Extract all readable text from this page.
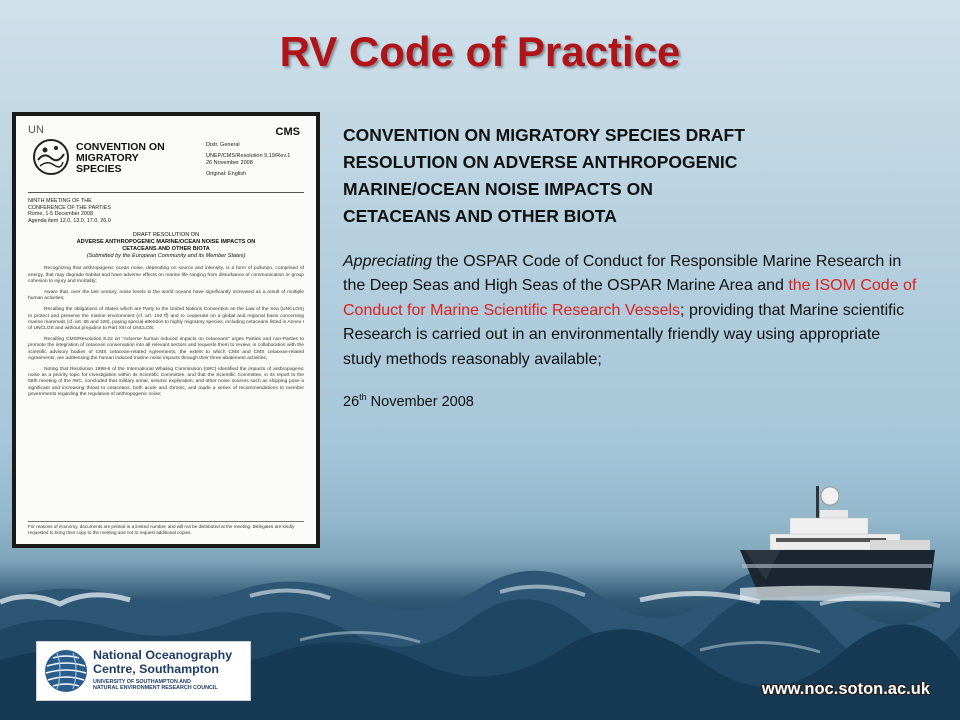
RV Code of Practice
UN
CONVENTION ON
MIGRATORY
SPECIES
CMS
Distr. General
UNEP/CMS/Resolution 9.19/Rev.1
26 November 2008
Original: English
NINTH MEETING OF THE
CONFERENCE OF THE PARTIES
Rome, 1-5 December 2008
Agenda item 12.0, 13.0, 17.0, 26.0
DRAFT RESOLUTION ON
ADVERSE ANTHROPOGENIC MARINE/OCEAN NOISE IMPACTS ON
CETACEANS AND OTHER BIOTA
(Submitted by the European Community and its Member States)

Recognizing that anthropogenic ocean noise, depending on source and intensity, is a form of pollution, comprised of energy, that may degrade habitat and have adverse effects on marine life ranging from disturbance of communication or group cohesion to injury and mortality;

Aware that, over the last century, noise levels in the world oceans have significantly increased as a result of multiple human activities;

Recalling the obligations of States which are Party to the United Nations Convention on the Law of the Sea (UNCLOS) to protect and preserve the marine environment (cf. art. 192 ff) and to cooperate on a global and regional basis concerning marine mammals (cf. art. 65 and 120), paying special attention to highly migratory species, including cetaceans listed in Annex I of UNCLOS and without prejudice to Part XIII of UNCLOS;

Recalling CMS/Resolution 8.22 on "Adverse human induced impacts on cetaceans" urges Parties and non-Parties to promote the integration of cetacean conservation into all relevant sectors and requests them to review, in collaboration with the scientific advisory bodies of CMS cetacean-related Agreements, the extent to which CMS and CMS cetacean-related Agreements, are addressing the human induced marine noise impacts through their three abatement activities;

Noting that Resolution 1998-6 of the International Whaling Commission (IWC) identified the impacts of anthropogenic noise as a priority topic for investigation within its Scientific Committee, and that the Scientific Committee, in its report to the 56th meeting of the IWC, concluded that military sonar, seismic exploration, and other noise sources such as shipping pose a significant and increasing threat to cetaceans, both acute and chronic, and made a series of recommendations to member governments regarding the regulation of anthropogenic noise;

For reasons of economy, documents are printed in a limited number, and will not be distributed at the meeting. Delegates are kindly requested to bring their copy to the meeting and not to request additional copies.
CONVENTION ON MIGRATORY SPECIES DRAFT
RESOLUTION ON ADVERSE ANTHROPOGENIC
MARINE/OCEAN NOISE IMPACTS ON
CETACEANS AND OTHER BIOTA

Appreciating the OSPAR Code of Conduct for Responsible Marine Research in the Deep Seas and High Seas of the OSPAR Marine Area and the ISOM Code of Conduct for Marine Scientific Research Vessels; providing that Marine scientific Research is carried out in an environmentally friendly way using appropriate study methods reasonably available;

26th November 2008
National Oceanography
Centre, Southampton
UNIVERSITY OF SOUTHAMPTON AND
NATURAL ENVIRONMENT RESEARCH COUNCIL	www.noc.soton.ac.uk
